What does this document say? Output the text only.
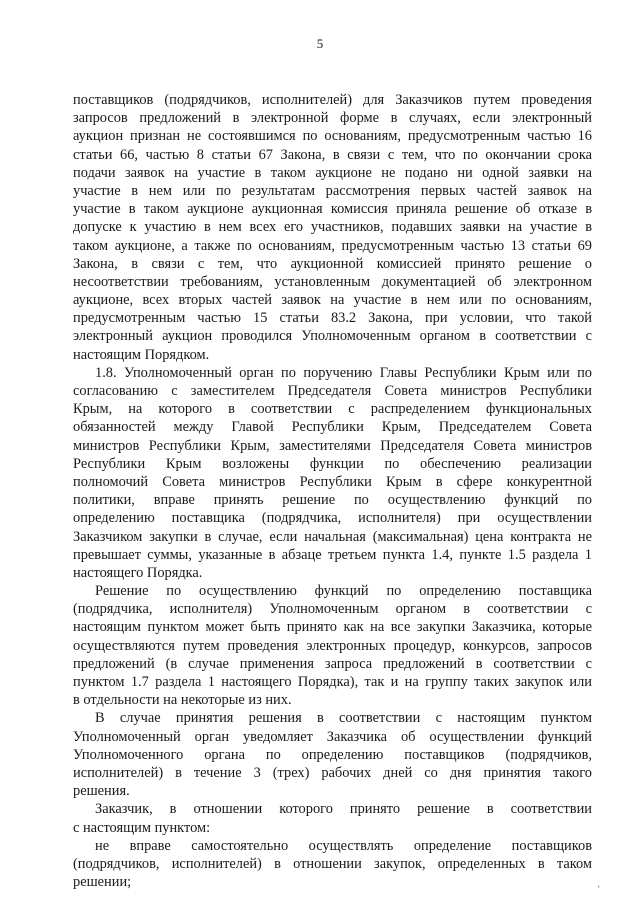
5
поставщиков (подрядчиков, исполнителей) для Заказчиков путем проведения
запросов предложений в электронной форме в случаях, если электронный
аукцион признан не состоявшимся по основаниям, предусмотренным частью 16
статьи 66, частью 8 статьи 67 Закона, в связи с тем, что по окончании срока
подачи заявок на участие в таком аукционе не подано ни одной заявки на
участие в нем или по результатам рассмотрения первых частей заявок на
участие в таком аукционе аукционная комиссия приняла решение об отказе в
допуске к участию в нем всех его участников, подавших заявки на участие в
таком аукционе, а также по основаниям, предусмотренным частью 13 статьи 69
Закона, в связи с тем, что аукционной комиссией принято решение о
несоответствии требованиям, установленным документацией об электронном
аукционе, всех вторых частей заявок на участие в нем или по основаниям,
предусмотренным частью 15 статьи 83.2 Закона, при условии, что такой
электронный аукцион проводился Уполномоченным органом в соответствии с
настоящим Порядком.
1.8. Уполномоченный орган по поручению Главы Республики Крым или по
согласованию с заместителем Председателя Совета министров Республики
Крым, на которого в соответствии с распределением функциональных
обязанностей между Главой Республики Крым, Председателем Совета
министров Республики Крым, заместителями Председателя Совета министров
Республики Крым возложены функции по обеспечению реализации
полномочий Совета министров Республики Крым в сфере конкурентной
политики, вправе принять решение по осуществлению функций по
определению поставщика (подрядчика, исполнителя) при осуществлении
Заказчиком закупки в случае, если начальная (максимальная) цена контракта не
превышает суммы, указанные в абзаце третьем пункта 1.4, пункте 1.5 раздела 1
настоящего Порядка.
Решение по осуществлению функций по определению поставщика
(подрядчика, исполнителя) Уполномоченным органом в соответствии с
настоящим пунктом может быть принято как на все закупки Заказчика, которые
осуществляются путем проведения электронных процедур, конкурсов, запросов
предложений (в случае применения запроса предложений в соответствии с
пунктом 1.7 раздела 1 настоящего Порядка), так и на группу таких закупок или
в отдельности на некоторые из них.
В случае принятия решения в соответствии с настоящим пунктом
Уполномоченный орган уведомляет Заказчика об осуществлении функций
Уполномоченного органа по определению поставщиков (подрядчиков,
исполнителей) в течение 3 (трех) рабочих дней со дня принятия такого
решения.
Заказчик, в отношении которого принято решение в соответствии
с настоящим пунктом:
не вправе самостоятельно осуществлять определение поставщиков
(подрядчиков, исполнителей) в отношении закупок, определенных в таком
решении;	ʹ
